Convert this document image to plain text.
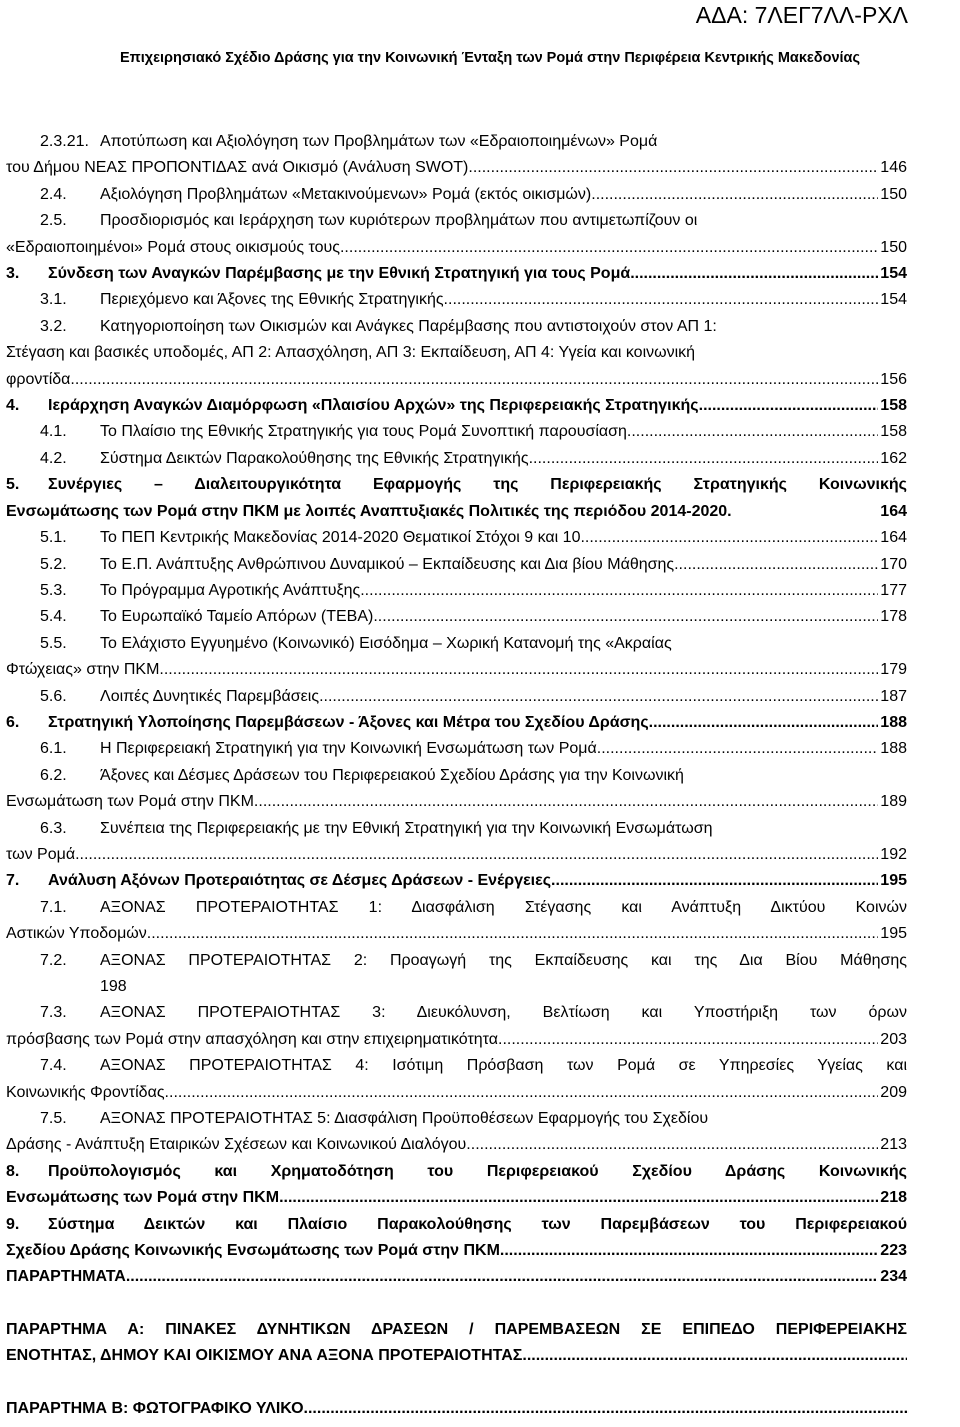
ΑΔΑ: 7ΛΕΓ7ΛΛ-ΡΧΛ
Επιχειρησιακό Σχέδιο Δράσης για την Κοινωνική Ένταξη των Ρομά στην Περιφέρεια Κεντρικής Μακεδονίας
2.3.21. Αποτύπωση και Αξιολόγηση των Προβλημάτων των «Εδραιοποιημένων» Ρομά
του Δήμου ΝΕΑΣ ΠΡΟΠΟΝΤΙΔΑΣ ανά Οικισμό (Ανάλυση SWOT) .....	146
2.4.	Αξιολόγηση Προβλημάτων «Μετακινούμενων» Ρομά (εκτός οικισμών) .....	150
2.5.	Προσδιορισμός και Ιεράρχηση των κυριότερων προβλημάτων που αντιμετωπίζουν οι
«Εδραιοποιημένοι» Ρομά στους οικισμούς τους .....	150
3.	Σύνδεση των Αναγκών Παρέμβασης με την Εθνική Στρατηγική για τους Ρομά .....	154
3.1.	Περιεχόμενο και Άξονες της Εθνικής Στρατηγικής .....	154
3.2.	Κατηγοριοποίηση των Οικισμών και Ανάγκες Παρέμβασης που αντιστοιχούν στον ΑΠ 1:
Στέγαση και βασικές υποδομές, ΑΠ 2: Απασχόληση, ΑΠ 3: Εκπαίδευση, ΑΠ 4: Υγεία και κοινωνική
φροντίδα .....	156
4.	Ιεράρχηση Αναγκών Διαμόρφωση «Πλαισίου Αρχών» της Περιφερειακής Στρατηγικής .....	158
4.1.	Το Πλαίσιο της Εθνικής Στρατηγικής για τους Ρομά Συνοπτική παρουσίαση .....	158
4.2.	Σύστημα Δεικτών Παρακολούθησης της Εθνικής Στρατηγικής .....	162
5.	Συνέργιες – Διαλειτουργικότητα Εφαρμογής της Περιφερειακής Στρατηγικής Κοινωνικής
Ενσωμάτωσης των Ρομά στην ΠΚΜ με λοιπές Αναπτυξιακές Πολιτικές της περιόδου 2014-2020.	164
5.1.	Το ΠΕΠ Κεντρικής Μακεδονίας 2014-2020 Θεματικοί Στόχοι 9 και 10 .....	164
5.2.	Το Ε.Π. Ανάπτυξης Ανθρώπινου Δυναμικού – Εκπαίδευσης και Δια βίου Μάθησης .....	170
5.3.	Το Πρόγραμμα Αγροτικής Ανάπτυξης .....	177
5.4.	Το Ευρωπαϊκό Ταμείο Απόρων (ΤΕΒΑ) .....	178
5.5.	Το Ελάχιστο Εγγυημένο (Κοινωνικό) Εισόδημα – Χωρική Κατανομή της «Ακραίας
Φτώχειας» στην ΠΚΜ .....	179
5.6.	Λοιπές Δυνητικές Παρεμβάσεις .....	187
6.	Στρατηγική Υλοποίησης Παρεμβάσεων - Άξονες και Μέτρα του Σχεδίου Δράσης .....	188
6.1.	Η Περιφερειακή Στρατηγική για την Κοινωνική Ενσωμάτωση των Ρομά .....	188
6.2.	Άξονες και Δέσμες Δράσεων του Περιφερειακού Σχεδίου Δράσης για την Κοινωνική
Ενσωμάτωση των Ρομά στην ΠΚΜ .....	189
6.3.	Συνέπεια της Περιφερειακής με την Εθνική Στρατηγική για την Κοινωνική Ενσωμάτωση
των Ρομά .....	192
7.	Ανάλυση Αξόνων Προτεραιότητας σε Δέσμες Δράσεων - Ενέργειες .....	195
7.1.	ΑΞΟΝΑΣ ΠΡΟΤΕΡΑΙΟΤΗΤΑΣ 1: Διασφάλιση Στέγασης και Ανάπτυξη Δικτύου Κοινών
Αστικών Υποδομών .....	195
7.2.	ΑΞΟΝΑΣ ΠΡΟΤΕΡΑΙΟΤΗΤΑΣ 2: Προαγωγή της Εκπαίδευσης και της Δια Βίου Μάθησης
198
7.3.	ΑΞΟΝΑΣ ΠΡΟΤΕΡΑΙΟΤΗΤΑΣ 3: Διευκόλυνση, Βελτίωση και Υποστήριξη των όρων
πρόσβασης των Ρομά στην απασχόληση και στην επιχειρηματικότητα .....	203
7.4.	ΑΞΟΝΑΣ ΠΡΟΤΕΡΑΙΟΤΗΤΑΣ 4: Ισότιμη Πρόσβαση των Ρομά σε Υπηρεσίες Υγείας και
Κοινωνικής Φροντίδας .....	209
7.5.	ΑΞΟΝΑΣ ΠΡΟΤΕΡΑΙΟΤΗΤΑΣ 5: Διασφάλιση Προϋποθέσεων Εφαρμογής του Σχεδίου
Δράσης - Ανάπτυξη Εταιρικών Σχέσεων και Κοινωνικού Διαλόγου .....	213
8.	Προϋπολογισμός και Χρηματοδότηση του Περιφερειακού Σχεδίου Δράσης Κοινωνικής
Ενσωμάτωσης των Ρομά στην ΠΚΜ .....	218
9.	Σύστημα Δεικτών και Πλαίσιο Παρακολούθησης των Παρεμβάσεων του Περιφερειακού
Σχεδίου Δράσης Κοινωνικής Ενσωμάτωσης των Ρομά στην ΠΚΜ .....	223
ΠΑΡΑΡΤΗΜΑΤΑ .....	234
ΠΑΡΑΡΤΗΜΑ Α: ΠΙΝΑΚΕΣ ΔΥΝΗΤΙΚΩΝ ΔΡΑΣΕΩΝ / ΠΑΡΕΜΒΑΣΕΩΝ ΣΕ ΕΠΙΠΕΔΟ ΠΕΡΙΦΕΡΕΙΑΚΗΣ
ΕΝΟΤΗΤΑΣ, ΔΗΜΟΥ ΚΑΙ ΟΙΚΙΣΜΟΥ ΑΝΑ ΑΞΟΝΑ ΠΡΟΤΕΡΑΙΟΤΗΤΑΣ
.....
ΠΑΡΑΡΤΗΜΑ Β: ΦΩΤΟΓΡΑΦΙΚΟ ΥΛΙΚΟ
.....
